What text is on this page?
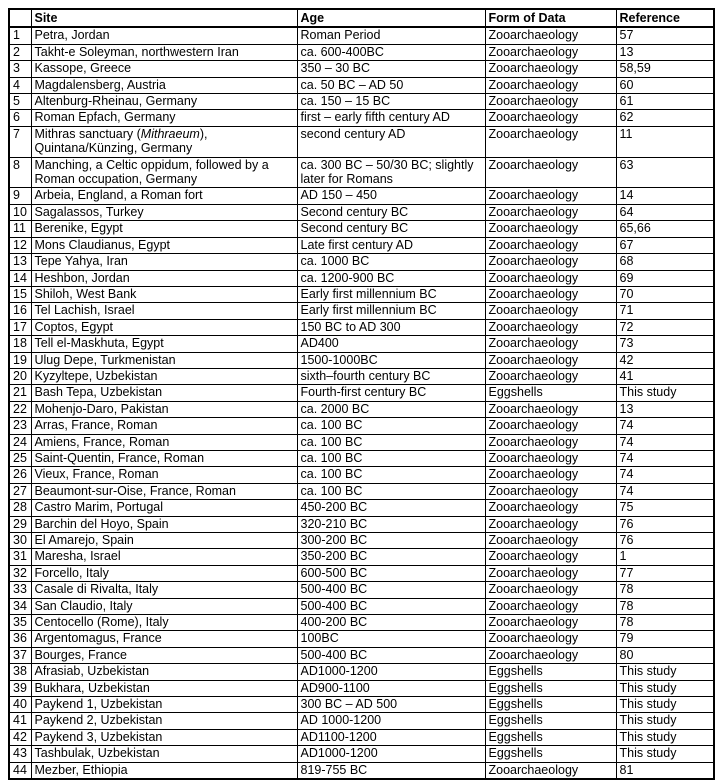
	Site	Age	Form of Data	Reference
1	Petra, Jordan	Roman Period	Zooarchaeology	57
2	Takht-e Soleyman, northwestern Iran	ca. 600-400BC	Zooarchaeology	13
3	Kassope, Greece	350 – 30 BC	Zooarchaeology	58,59
4	Magdalensberg, Austria	ca. 50 BC – AD 50	Zooarchaeology	60
5	Altenburg-Rheinau, Germany	ca. 150 – 15 BC	Zooarchaeology	61
6	Roman Epfach, Germany	first – early fifth century AD	Zooarchaeology	62
7	Mithras sanctuary (Mithraeum), Quintana/Künzing, Germany	second century AD	Zooarchaeology	11
8	Manching, a Celtic oppidum, followed by a Roman occupation, Germany	ca. 300 BC – 50/30 BC; slightly later for Romans	Zooarchaeology	63
9	Arbeia, England, a Roman fort	AD 150 – 450	Zooarchaeology	14
10	Sagalassos, Turkey	Second century BC	Zooarchaeology	64
11	Berenike, Egypt	Second century BC	Zooarchaeology	65,66
12	Mons Claudianus, Egypt	Late first century AD	Zooarchaeology	67
13	Tepe Yahya, Iran	ca. 1000 BC	Zooarchaeology	68
14	Heshbon, Jordan	ca. 1200-900 BC	Zooarchaeology	69
15	Shiloh, West Bank	Early first millennium BC	Zooarchaeology	70
16	Tel Lachish, Israel	Early first millennium BC	Zooarchaeology	71
17	Coptos, Egypt	150 BC to AD 300	Zooarchaeology	72
18	Tell el-Maskhuta, Egypt	AD400	Zooarchaeology	73
19	Ulug Depe, Turkmenistan	1500-1000BC	Zooarchaeology	42
20	Kyzyltepe, Uzbekistan	sixth–fourth century BC	Zooarchaeology	41
21	Bash Tepa, Uzbekistan	Fourth-first century BC	Eggshells	This study
22	Mohenjo-Daro, Pakistan	ca. 2000 BC	Zooarchaeology	13
23	Arras, France, Roman	ca. 100 BC	Zooarchaeology	74
24	Amiens, France, Roman	ca. 100 BC	Zooarchaeology	74
25	Saint-Quentin, France, Roman	ca. 100 BC	Zooarchaeology	74
26	Vieux, France, Roman	ca. 100 BC	Zooarchaeology	74
27	Beaumont-sur-Oise, France, Roman	ca. 100 BC	Zooarchaeology	74
28	Castro Marim, Portugal	450-200 BC	Zooarchaeology	75
29	Barchin del Hoyo, Spain	320-210 BC	Zooarchaeology	76
30	El Amarejo, Spain	300-200 BC	Zooarchaeology	76
31	Maresha, Israel	350-200 BC	Zooarchaeology	1
32	Forcello, Italy	600-500 BC	Zooarchaeology	77
33	Casale di Rivalta, Italy	500-400 BC	Zooarchaeology	78
34	San Claudio, Italy	500-400 BC	Zooarchaeology	78
35	Centocello (Rome), Italy	400-200 BC	Zooarchaeology	78
36	Argentomagus, France	100BC	Zooarchaeology	79
37	Bourges, France	500-400 BC	Zooarchaeology	80
38	Afrasiab, Uzbekistan	AD1000-1200	Eggshells	This study
39	Bukhara, Uzbekistan	AD900-1100	Eggshells	This study
40	Paykend 1, Uzbekistan	300 BC – AD 500	Eggshells	This study
41	Paykend 2, Uzbekistan	AD 1000-1200	Eggshells	This study
42	Paykend 3, Uzbekistan	AD1100-1200	Eggshells	This study
43	Tashbulak, Uzbekistan	AD1000-1200	Eggshells	This study
44	Mezber, Ethiopia	819-755 BC	Zooarchaeology	81
